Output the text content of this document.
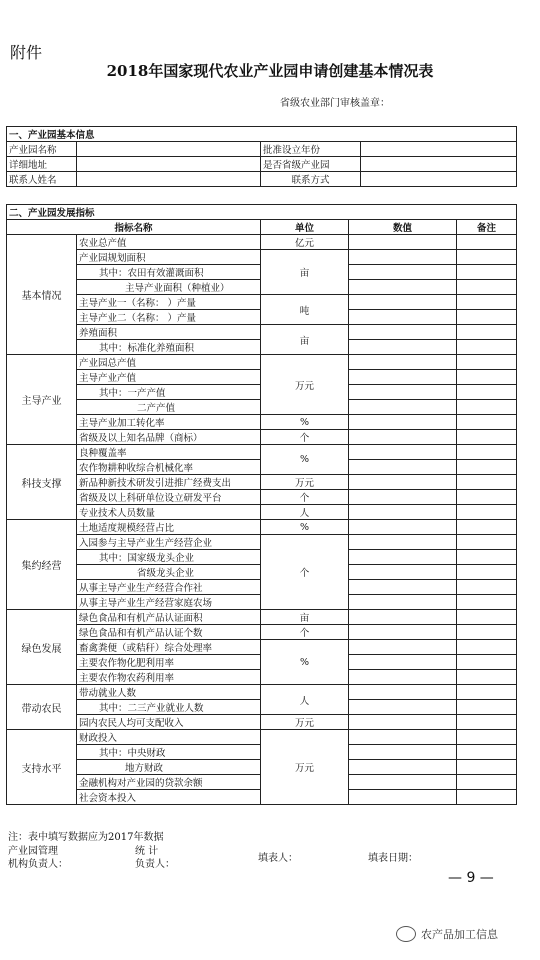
附件
2018年国家现代农业产业园申请创建基本情况表
省级农业部门审核盖章：
一、产业园基本信息			
产业园名称		批准设立年份	
详细地址		是否省级产业园	
联系人姓名		联系方式	
二、产业园发展指标				
指标名称		单位	数值	备注
基本情况	农业总产值	亿元		
	产业园规划面积	亩		
	其中：农田有效灌溉面积			
	主导产业面积（种植业）			
	主导产业一（名称： ）产量	吨		
	主导产业二（名称： ）产量			
	养殖面积	亩		
	其中：标准化养殖面积			
主导产业	产业园总产值	万元		
	主导产业产值			
	其中：一产产值			
	二产产值			
	主导产业加工转化率	%		
	省级及以上知名品牌（商标）	个		
科技支撑	良种覆盖率	%		
	农作物耕种收综合机械化率			
	新品种新技术研发引进推广经费支出	万元		
	省级及以上科研单位设立研发平台	个		
	专业技术人员数量	人		
集约经营	土地适度规模经营占比	%		
	入园参与主导产业生产经营企业	个		
	其中：国家级龙头企业			
	省级龙头企业			
	从事主导产业生产经营合作社			
	从事主导产业生产经营家庭农场			
绿色发展	绿色食品和有机产品认证面积	亩		
	绿色食品和有机产品认证个数	个		
	畜禽粪便（或秸秆）综合处理率	%		
	主要农作物化肥利用率			
	主要农作物农药利用率			
带动农民	带动就业人数	人		
	其中：二三产业就业人数			
	园内农民人均可支配收入	万元		
支持水平	财政投入	万元		
	其中：中央财政			
	地方财政			
	金融机构对产业园的贷款余额			
	社会资本投入			
注：表中填写数据应为2017年数据
产业园管理
机构负责人：
统 计
负责人：
填表人：	填表日期：
— 9 —
农产品加工信息
